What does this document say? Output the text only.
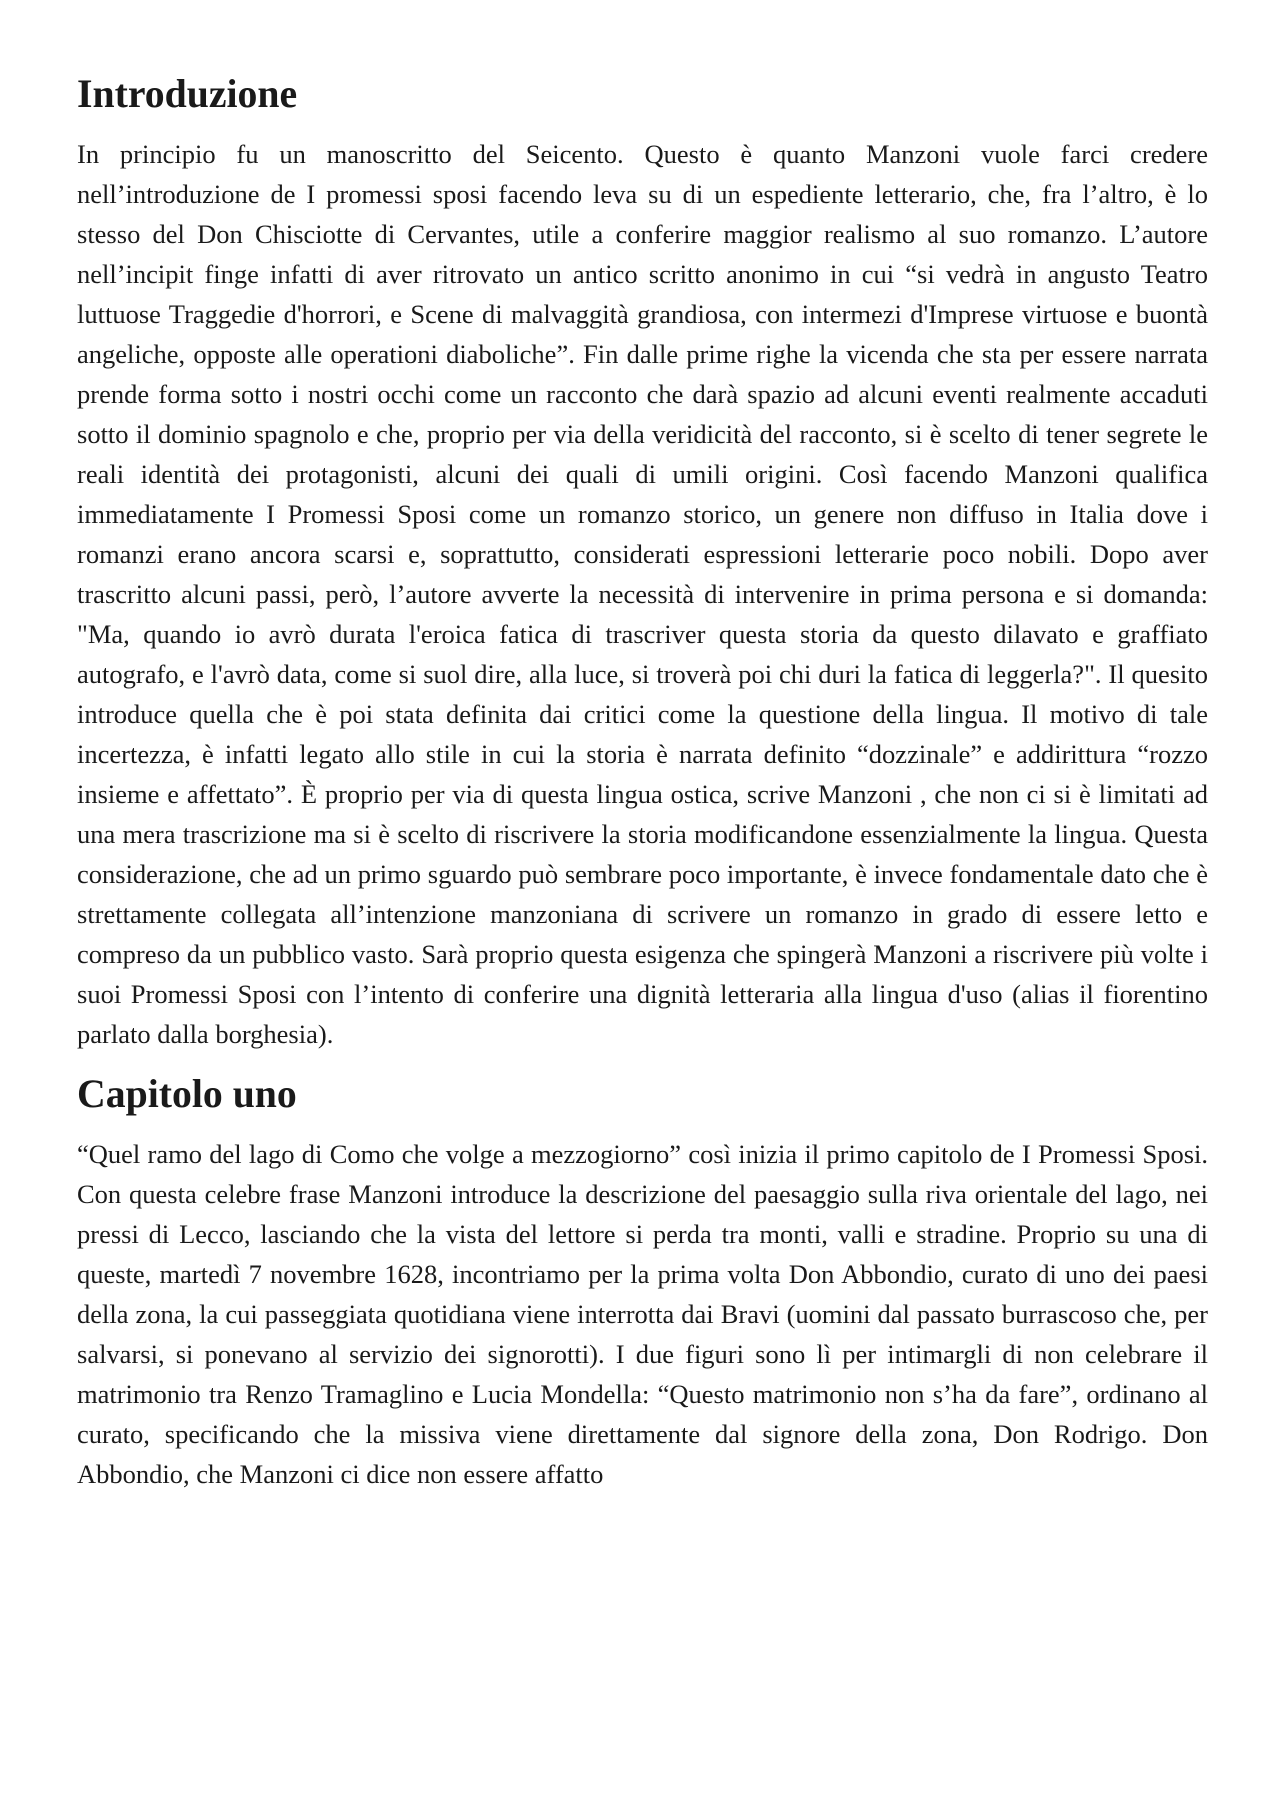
Introduzione

In principio fu un manoscritto del Seicento. Questo è quanto Manzoni vuole farci credere nell’introduzione de I promessi sposi facendo leva su di un espediente letterario, che, fra l’altro, è lo stesso del Don Chisciotte di Cervantes, utile a conferire maggior realismo al suo romanzo. L’autore nell’incipit finge infatti di aver ritrovato un antico scritto anonimo in cui “si vedrà in angusto Teatro luttuose Traggedie d'horrori, e Scene di malvaggità grandiosa, con intermezi d'Imprese virtuose e buontà angeliche, opposte alle operationi diaboliche”. Fin dalle prime righe la vicenda che sta per essere narrata prende forma sotto i nostri occhi come un racconto che darà spazio ad alcuni eventi realmente accaduti sotto il dominio spagnolo e che, proprio per via della veridicità del racconto, si è scelto di tener segrete le reali identità dei protagonisti, alcuni dei quali di umili origini. Così facendo Manzoni qualifica immediatamente I Promessi Sposi come un romanzo storico, un genere non diffuso in Italia dove i romanzi erano ancora scarsi e, soprattutto, considerati espressioni letterarie poco nobili. Dopo aver trascritto alcuni passi, però, l’autore avverte la necessità di intervenire in prima persona e si domanda: "Ma, quando io avrò durata l'eroica fatica di trascriver questa storia da questo dilavato e graffiato autografo, e l'avrò data, come si suol dire, alla luce, si troverà poi chi duri la fatica di leggerla?". Il quesito introduce quella che è poi stata definita dai critici come la questione della lingua. Il motivo di tale incertezza, è infatti legato allo stile in cui la storia è narrata definito “dozzinale” e addirittura “rozzo insieme e affettato”. È proprio per via di questa lingua ostica, scrive Manzoni , che non ci si è limitati ad una mera trascrizione ma si è scelto di riscrivere la storia modificandone essenzialmente la lingua. Questa considerazione, che ad un primo sguardo può sembrare poco importante, è invece fondamentale dato che è strettamente collegata all’intenzione manzoniana di scrivere un romanzo in grado di essere letto e compreso da un pubblico vasto. Sarà proprio questa esigenza che spingerà Manzoni a riscrivere più volte i suoi Promessi Sposi con l’intento di conferire una dignità letteraria alla lingua d'uso (alias il fiorentino parlato dalla borghesia).

Capitolo uno

“Quel ramo del lago di Como che volge a mezzogiorno” così inizia il primo capitolo de I Promessi Sposi. Con questa celebre frase Manzoni introduce la descrizione del paesaggio sulla riva orientale del lago, nei pressi di Lecco, lasciando che la vista del lettore si perda tra monti, valli e stradine. Proprio su una di queste, martedì 7 novembre 1628, incontriamo per la prima volta Don Abbondio, curato di uno dei paesi della zona, la cui passeggiata quotidiana viene interrotta dai Bravi (uomini dal passato burrascoso che, per salvarsi, si ponevano al servizio dei signorotti). I due figuri sono lì per intimargli di non celebrare il matrimonio tra Renzo Tramaglino e Lucia Mondella: “Questo matrimonio non s’ha da fare”, ordinano al curato, specificando che la missiva viene direttamente dal signore della zona, Don Rodrigo. Don Abbondio, che Manzoni ci dice non essere affatto
